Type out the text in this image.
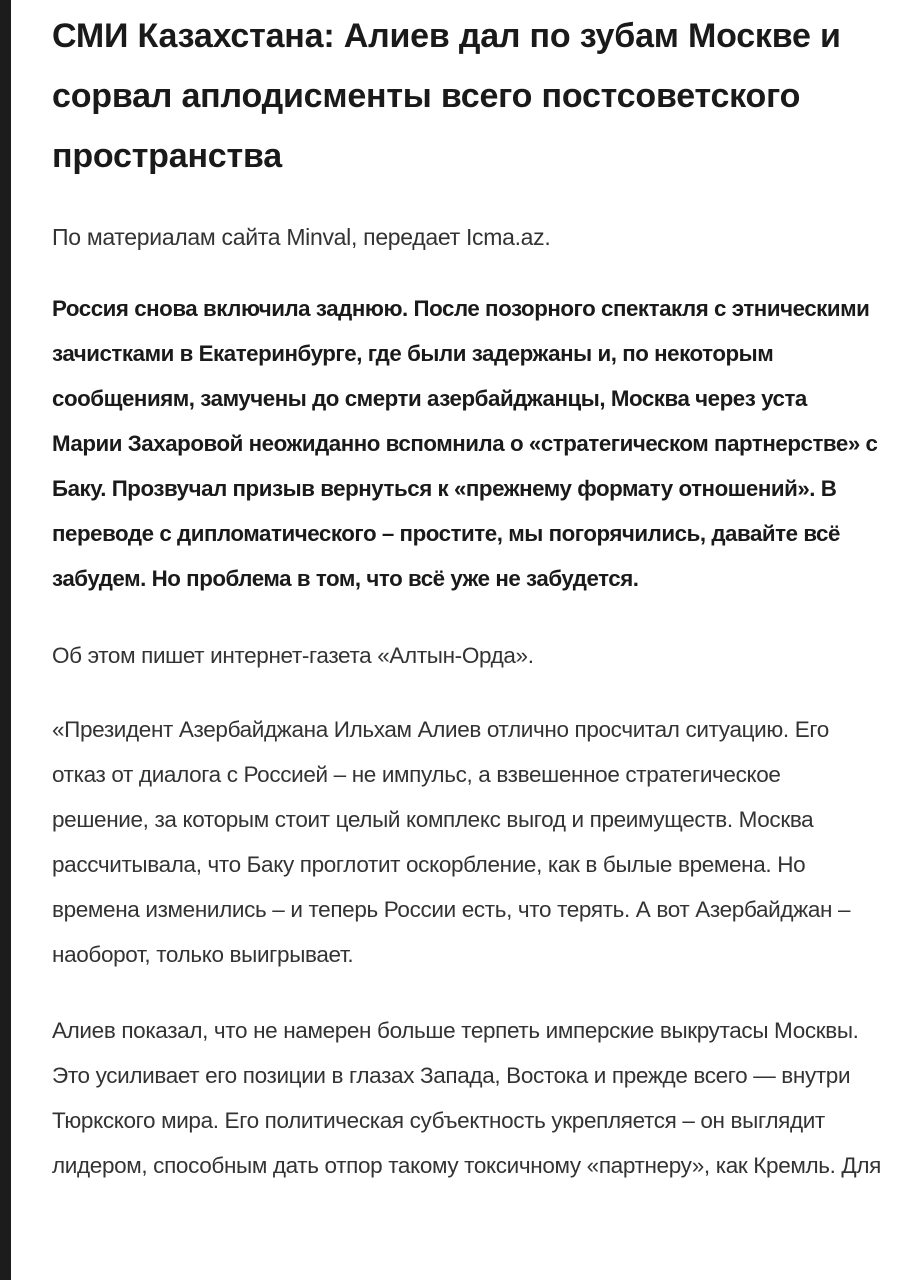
СМИ Казахстана: Алиев дал по зубам Москве и сорвал аплодисменты всего постсоветского пространства

По материалам сайта Minval, передает Icma.az.

Россия снова включила заднюю. После позорного спектакля с этническими зачистками в Екатеринбурге, где были задержаны и, по некоторым сообщениям, замучены до смерти азербайджанцы, Москва через уста Марии Захаровой неожиданно вспомнила о «стратегическом партнерстве» с Баку. Прозвучал призыв вернуться к «прежнему формату отношений». В переводе с дипломатического – простите, мы погорячились, давайте всё забудем. Но проблема в том, что всё уже не забудется.

Об этом пишет интернет-газета «Алтын-Орда».

«Президент Азербайджана Ильхам Алиев отлично просчитал ситуацию. Его отказ от диалога с Россией – не импульс, а взвешенное стратегическое решение, за которым стоит целый комплекс выгод и преимуществ. Москва рассчитывала, что Баку проглотит оскорбление, как в былые времена. Но времена изменились – и теперь России есть, что терять. А вот Азербайджан – наоборот, только выигрывает.

Алиев показал, что не намерен больше терпеть имперские выкрутасы Москвы. Это усиливает его позиции в глазах Запада, Востока и прежде всего — внутри Тюркского мира. Его политическая субъектность укрепляется – он выглядит лидером, способным дать отпор такому токсичному «партнеру», как Кремль. Для
